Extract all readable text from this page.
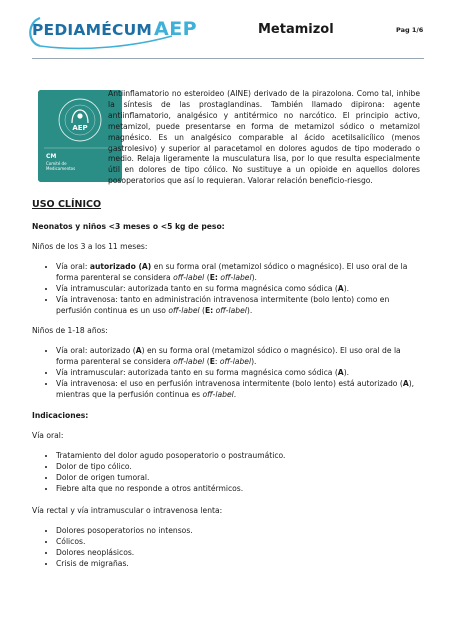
PEDIAMÉCUM AEP	Metamizol	Pag 1/6
AEP
CM
Comité de
Medicamentos

Antiinflamatorio no esteroideo (AINE) derivado de la pirazolona. Como tal, inhibe la síntesis de las prostaglandinas. También llamado dipirona: agente antiinflamatorio, analgésico y antitérmico no narcótico. El principio activo, metamizol, puede presentarse en forma de metamizol sódico o metamizol magnésico. Es un analgésico comparable al ácido acetilsalicílico (menos gastrolesivo) y superior al paracetamol en dolores agudos de tipo moderado o medio. Relaja ligeramente la musculatura lisa, por lo que resulta especialmente útil en dolores de tipo cólico. No sustituye a un opioide en aquellos dolores posoperatorios que así lo requieran. Valorar relación beneficio-riesgo.

USO CLÍNICO

Neonatos y niños <3 meses o <5 kg de peso:

Niños de los 3 a los 11 meses:

• Vía oral: autorizado (A) en su forma oral (metamizol sódico o magnésico). El uso oral de la forma parenteral se considera off-label (E: off-label).
• Vía intramuscular: autorizada tanto en su forma magnésica como sódica (A).
• Vía intravenosa: tanto en administración intravenosa intermitente (bolo lento) como en perfusión continua es un uso off-label (E: off-label).

Niños de 1-18 años:

• Vía oral: autorizado (A) en su forma oral (metamizol sódico o magnésico). El uso oral de la forma parenteral se considera off-label (E: off-label).
• Vía intramuscular: autorizada tanto en su forma magnésica como sódica (A).
• Vía intravenosa: el uso en perfusión intravenosa intermitente (bolo lento) está autorizado (A), mientras que la perfusión continua es off-label.

Indicaciones:

Vía oral:

• Tratamiento del dolor agudo posoperatorio o postraumático.
• Dolor de tipo cólico.
• Dolor de origen tumoral.
• Fiebre alta que no responde a otros antitérmicos.

Vía rectal y vía intramuscular o intravenosa lenta:

• Dolores posoperatorios no intensos.
• Cólicos.
• Dolores neoplásicos.
• Crisis de migrañas.
